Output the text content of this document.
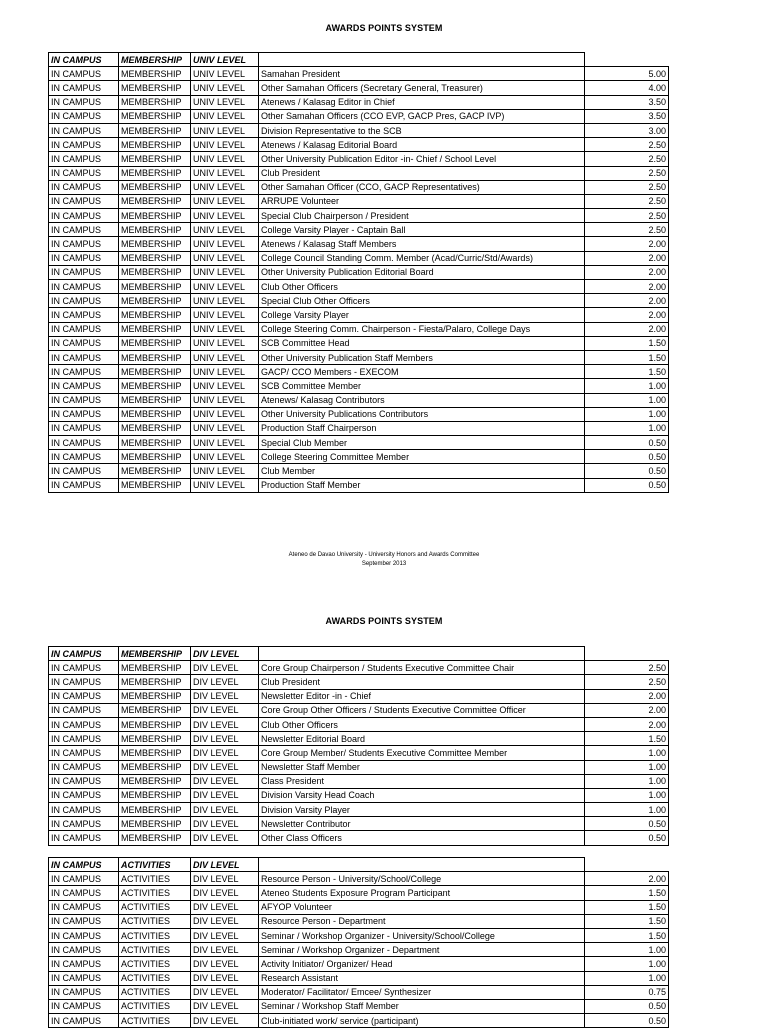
AWARDS POINTS SYSTEM
IN CAMPUS	MEMBERSHIP	UNIV LEVEL		
IN CAMPUS	MEMBERSHIP	UNIV LEVEL	Samahan President	5.00
IN CAMPUS	MEMBERSHIP	UNIV LEVEL	Other Samahan Officers (Secretary General, Treasurer)	4.00
IN CAMPUS	MEMBERSHIP	UNIV LEVEL	Atenews / Kalasag Editor in Chief	3.50
IN CAMPUS	MEMBERSHIP	UNIV LEVEL	Other Samahan Officers (CCO EVP, GACP Pres, GACP IVP)	3.50
IN CAMPUS	MEMBERSHIP	UNIV LEVEL	Division Representative to the SCB	3.00
IN CAMPUS	MEMBERSHIP	UNIV LEVEL	Atenews / Kalasag Editorial Board	2.50
IN CAMPUS	MEMBERSHIP	UNIV LEVEL	Other University Publication Editor -in- Chief / School Level	2.50
IN CAMPUS	MEMBERSHIP	UNIV LEVEL	Club President	2.50
IN CAMPUS	MEMBERSHIP	UNIV LEVEL	Other Samahan Officer (CCO, GACP Representatives)	2.50
IN CAMPUS	MEMBERSHIP	UNIV LEVEL	ARRUPE Volunteer	2.50
IN CAMPUS	MEMBERSHIP	UNIV LEVEL	Special Club Chairperson / President	2.50
IN CAMPUS	MEMBERSHIP	UNIV LEVEL	College Varsity Player - Captain Ball	2.50
IN CAMPUS	MEMBERSHIP	UNIV LEVEL	Atenews / Kalasag Staff Members	2.00
IN CAMPUS	MEMBERSHIP	UNIV LEVEL	College Council Standing Comm. Member (Acad/Curric/Std/Awards)	2.00
IN CAMPUS	MEMBERSHIP	UNIV LEVEL	Other University Publication Editorial Board	2.00
IN CAMPUS	MEMBERSHIP	UNIV LEVEL	Club Other Officers	2.00
IN CAMPUS	MEMBERSHIP	UNIV LEVEL	Special Club Other Officers	2.00
IN CAMPUS	MEMBERSHIP	UNIV LEVEL	College Varsity Player	2.00
IN CAMPUS	MEMBERSHIP	UNIV LEVEL	College Steering Comm. Chairperson - Fiesta/Palaro, College Days	2.00
IN CAMPUS	MEMBERSHIP	UNIV LEVEL	SCB Committee Head	1.50
IN CAMPUS	MEMBERSHIP	UNIV LEVEL	Other University Publication Staff Members	1.50
IN CAMPUS	MEMBERSHIP	UNIV LEVEL	GACP/ CCO Members - EXECOM	1.50
IN CAMPUS	MEMBERSHIP	UNIV LEVEL	SCB Committee Member	1.00
IN CAMPUS	MEMBERSHIP	UNIV LEVEL	Atenews/ Kalasag Contributors	1.00
IN CAMPUS	MEMBERSHIP	UNIV LEVEL	Other University Publications Contributors	1.00
IN CAMPUS	MEMBERSHIP	UNIV LEVEL	Production Staff Chairperson	1.00
IN CAMPUS	MEMBERSHIP	UNIV LEVEL	Special Club Member	0.50
IN CAMPUS	MEMBERSHIP	UNIV LEVEL	College Steering Committee Member	0.50
IN CAMPUS	MEMBERSHIP	UNIV LEVEL	Club Member	0.50
IN CAMPUS	MEMBERSHIP	UNIV LEVEL	Production Staff Member	0.50
Ateneo de Davao University - University Honors and Awards Committee
September 2013
AWARDS POINTS SYSTEM
IN CAMPUS	MEMBERSHIP	DIV LEVEL		
IN CAMPUS	MEMBERSHIP	DIV LEVEL	Core Group Chairperson / Students Executive Committee Chair	2.50
IN CAMPUS	MEMBERSHIP	DIV LEVEL	Club President	2.50
IN CAMPUS	MEMBERSHIP	DIV LEVEL	Newsletter Editor -in - Chief	2.00
IN CAMPUS	MEMBERSHIP	DIV LEVEL	Core Group Other Officers / Students Executive Committee Officer	2.00
IN CAMPUS	MEMBERSHIP	DIV LEVEL	Club Other Officers	2.00
IN CAMPUS	MEMBERSHIP	DIV LEVEL	Newsletter Editorial Board	1.50
IN CAMPUS	MEMBERSHIP	DIV LEVEL	Core Group Member/ Students Executive Committee Member	1.00
IN CAMPUS	MEMBERSHIP	DIV LEVEL	Newsletter Staff Member	1.00
IN CAMPUS	MEMBERSHIP	DIV LEVEL	Class President	1.00
IN CAMPUS	MEMBERSHIP	DIV LEVEL	Division Varsity Head Coach	1.00
IN CAMPUS	MEMBERSHIP	DIV LEVEL	Division Varsity Player	1.00
IN CAMPUS	MEMBERSHIP	DIV LEVEL	Newsletter Contributor	0.50
IN CAMPUS	MEMBERSHIP	DIV LEVEL	Other Class Officers	0.50
IN CAMPUS	ACTIVITIES	DIV LEVEL		
IN CAMPUS	ACTIVITIES	DIV LEVEL	Resource Person - University/School/College	2.00
IN CAMPUS	ACTIVITIES	DIV LEVEL	Ateneo Students Exposure Program Participant	1.50
IN CAMPUS	ACTIVITIES	DIV LEVEL	AFYOP Volunteer	1.50
IN CAMPUS	ACTIVITIES	DIV LEVEL	Resource Person - Department	1.50
IN CAMPUS	ACTIVITIES	DIV LEVEL	Seminar / Workshop Organizer - University/School/College	1.50
IN CAMPUS	ACTIVITIES	DIV LEVEL	Seminar / Workshop Organizer - Department	1.00
IN CAMPUS	ACTIVITIES	DIV LEVEL	Activity Initiator/ Organizer/ Head	1.00
IN CAMPUS	ACTIVITIES	DIV LEVEL	Research Assistant	1.00
IN CAMPUS	ACTIVITIES	DIV LEVEL	Moderator/ Facilitator/ Emcee/ Synthesizer	0.75
IN CAMPUS	ACTIVITIES	DIV LEVEL	Seminar / Workshop Staff Member	0.50
IN CAMPUS	ACTIVITIES	DIV LEVEL	Club-initiated work/ service (participant)	0.50
